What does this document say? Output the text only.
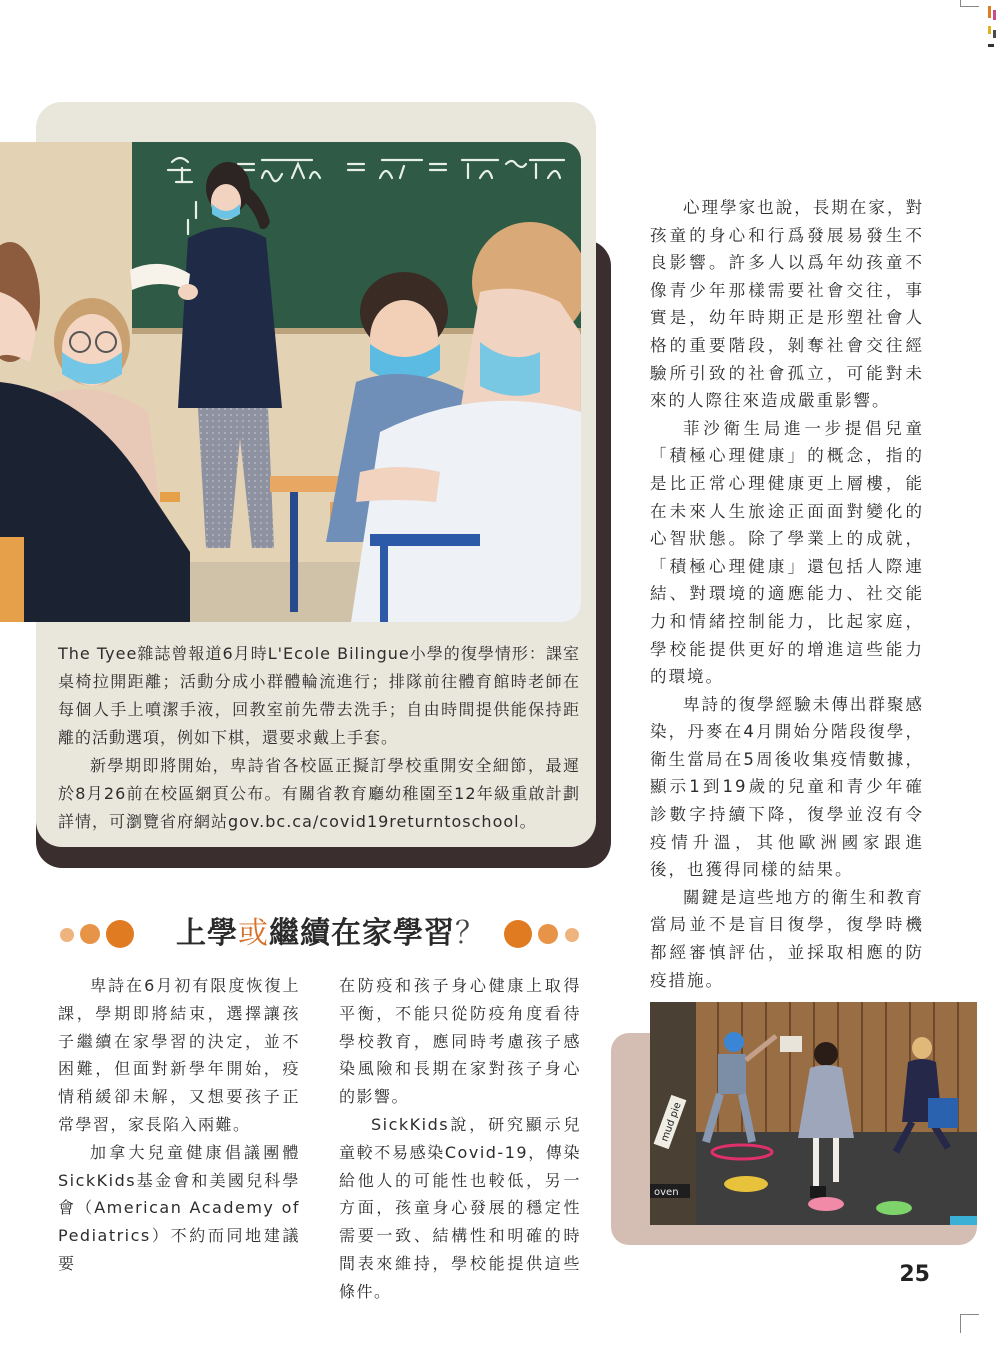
The Tyee雜誌曾報道6月時L'Ecole Bilingue小學的復學情形：課室桌椅拉開距離；活動分成小群體輪流進行；排隊前往體育館時老師在每個人手上噴潔手液，回教室前先帶去洗手；自由時間提供能保持距離的活動選項，例如下棋，還要求戴上手套。

新學期即將開始，卑詩省各校區正擬訂學校重開安全細節，最遲於8月26前在校區網頁公布。有關省教育廳幼稚園至12年級重啟計劃詳情，可瀏覽省府網站gov.bc.ca/covid19returntoschool。

心理學家也說，長期在家，對孩童的身心和行爲發展易發生不良影響。許多人以爲年幼孩童不像青少年那樣需要社會交往，事實是，幼年時期正是形塑社會人格的重要階段，剝奪社會交往經驗所引致的社會孤立，可能對未來的人際往來造成嚴重影響。

菲沙衛生局進一步提倡兒童「積極心理健康」的概念，指的是比正常心理健康更上層樓，能在未來人生旅途正面面對變化的心智狀態。除了學業上的成就，「積極心理健康」還包括人際連結、對環境的適應能力、社交能力和情緒控制能力，比起家庭，學校能提供更好的增進這些能力的環境。

卑詩的復學經驗未傳出群聚感染，丹麥在4月開始分階段復學，衛生當局在5周後收集疫情數據，顯示1到19歲的兒童和青少年確診數字持續下降，復學並沒有令疫情升溫，其他歐洲國家跟進後，也獲得同樣的結果。

關鍵是這些地方的衛生和教育當局並不是盲目復學，復學時機都經審慎評估，並採取相應的防疫措施。

上學或繼續在家學習？

卑詩在6月初有限度恢復上課，學期即將結束，選擇讓孩子繼續在家學習的決定，並不困難，但面對新學年開始，疫情稍緩卻未解，又想要孩子正常學習，家長陷入兩難。

加拿大兒童健康倡議團體SickKids基金會和美國兒科學會（American Academy of Pediatrics）不約而同地建議要

在防疫和孩子身心健康上取得平衡，不能只從防疫角度看待學校教育，應同時考慮孩子感染風險和長期在家對孩子身心的影響。

SickKids說，研究顯示兒童較不易感染Covid-19，傳染給他人的可能性也較低，另一方面，孩童身心發展的穩定性需要一致、結構性和明確的時間表來維持，學校能提供這些條件。

mud pie
oven
25
